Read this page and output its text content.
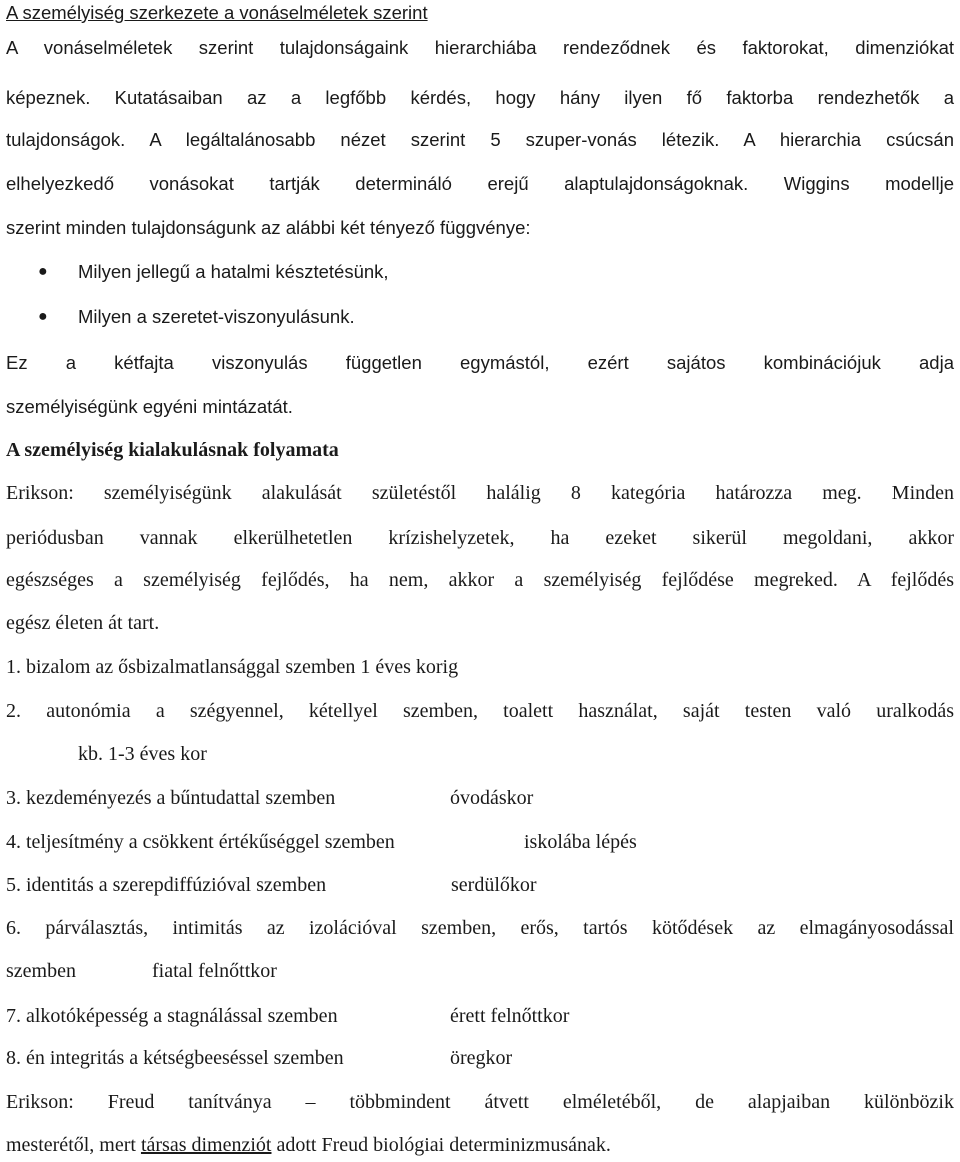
A személyiség szerkezete a vonáselméletek szerint
A vonáselméletek szerint tulajdonságaink hierarchiába rendeződnek és faktorokat, dimenziókat
képeznek. Kutatásaiban az a legfőbb kérdés, hogy hány ilyen fő faktorba rendezhetők a
tulajdonságok. A legáltalánosabb nézet szerint 5 szuper-vonás létezik. A hierarchia csúcsán
elhelyezkedő vonásokat tartják determináló erejű alaptulajdonságoknak. Wiggins modellje
szerint minden tulajdonságunk az alábbi két tényező függvénye:
● Milyen jellegű a hatalmi késztetésünk,
● Milyen a szeretet-viszonyulásunk.
Ez a kétfajta viszonyulás független egymástól, ezért sajátos kombinációjuk adja
személyiségünk egyéni mintázatát.
A személyiség kialakulásnak folyamata
Erikson: személyiségünk alakulását születéstől halálig 8 kategória határozza meg. Minden
periódusban vannak elkerülhetetlen krízishelyzetek, ha ezeket sikerül megoldani, akkor
egészséges a személyiség fejlődés, ha nem, akkor a személyiség fejlődése megreked. A fejlődés
egész életen át tart.
1. bizalom az ősbizalmatlansággal szemben 1 éves korig
2. autonómia a szégyennel, kétellyel szemben, toalett használat, saját testen való uralkodás
kb. 1-3 éves kor
3. kezdeményezés a bűntudattal szemben	óvodáskor
4. teljesítmény a csökkent értékűséggel szemben	iskolába lépés
5. identitás a szerepdiffúzióval szemben	serdülőkor
6. párválasztás, intimitás az izolációval szemben, erős, tartós kötődések az elmagányosodással
szemben	fiatal felnőttkor
7. alkotóképesség a stagnálással szemben	érett felnőttkor
8. én integritás a kétségbeeséssel szemben	öregkor
Erikson: Freud tanítványa – többmindent átvett elméletéből, de alapjaiban különbözik
mesterétől, mert társas dimenziót adott Freud biológiai determinizmusának.
